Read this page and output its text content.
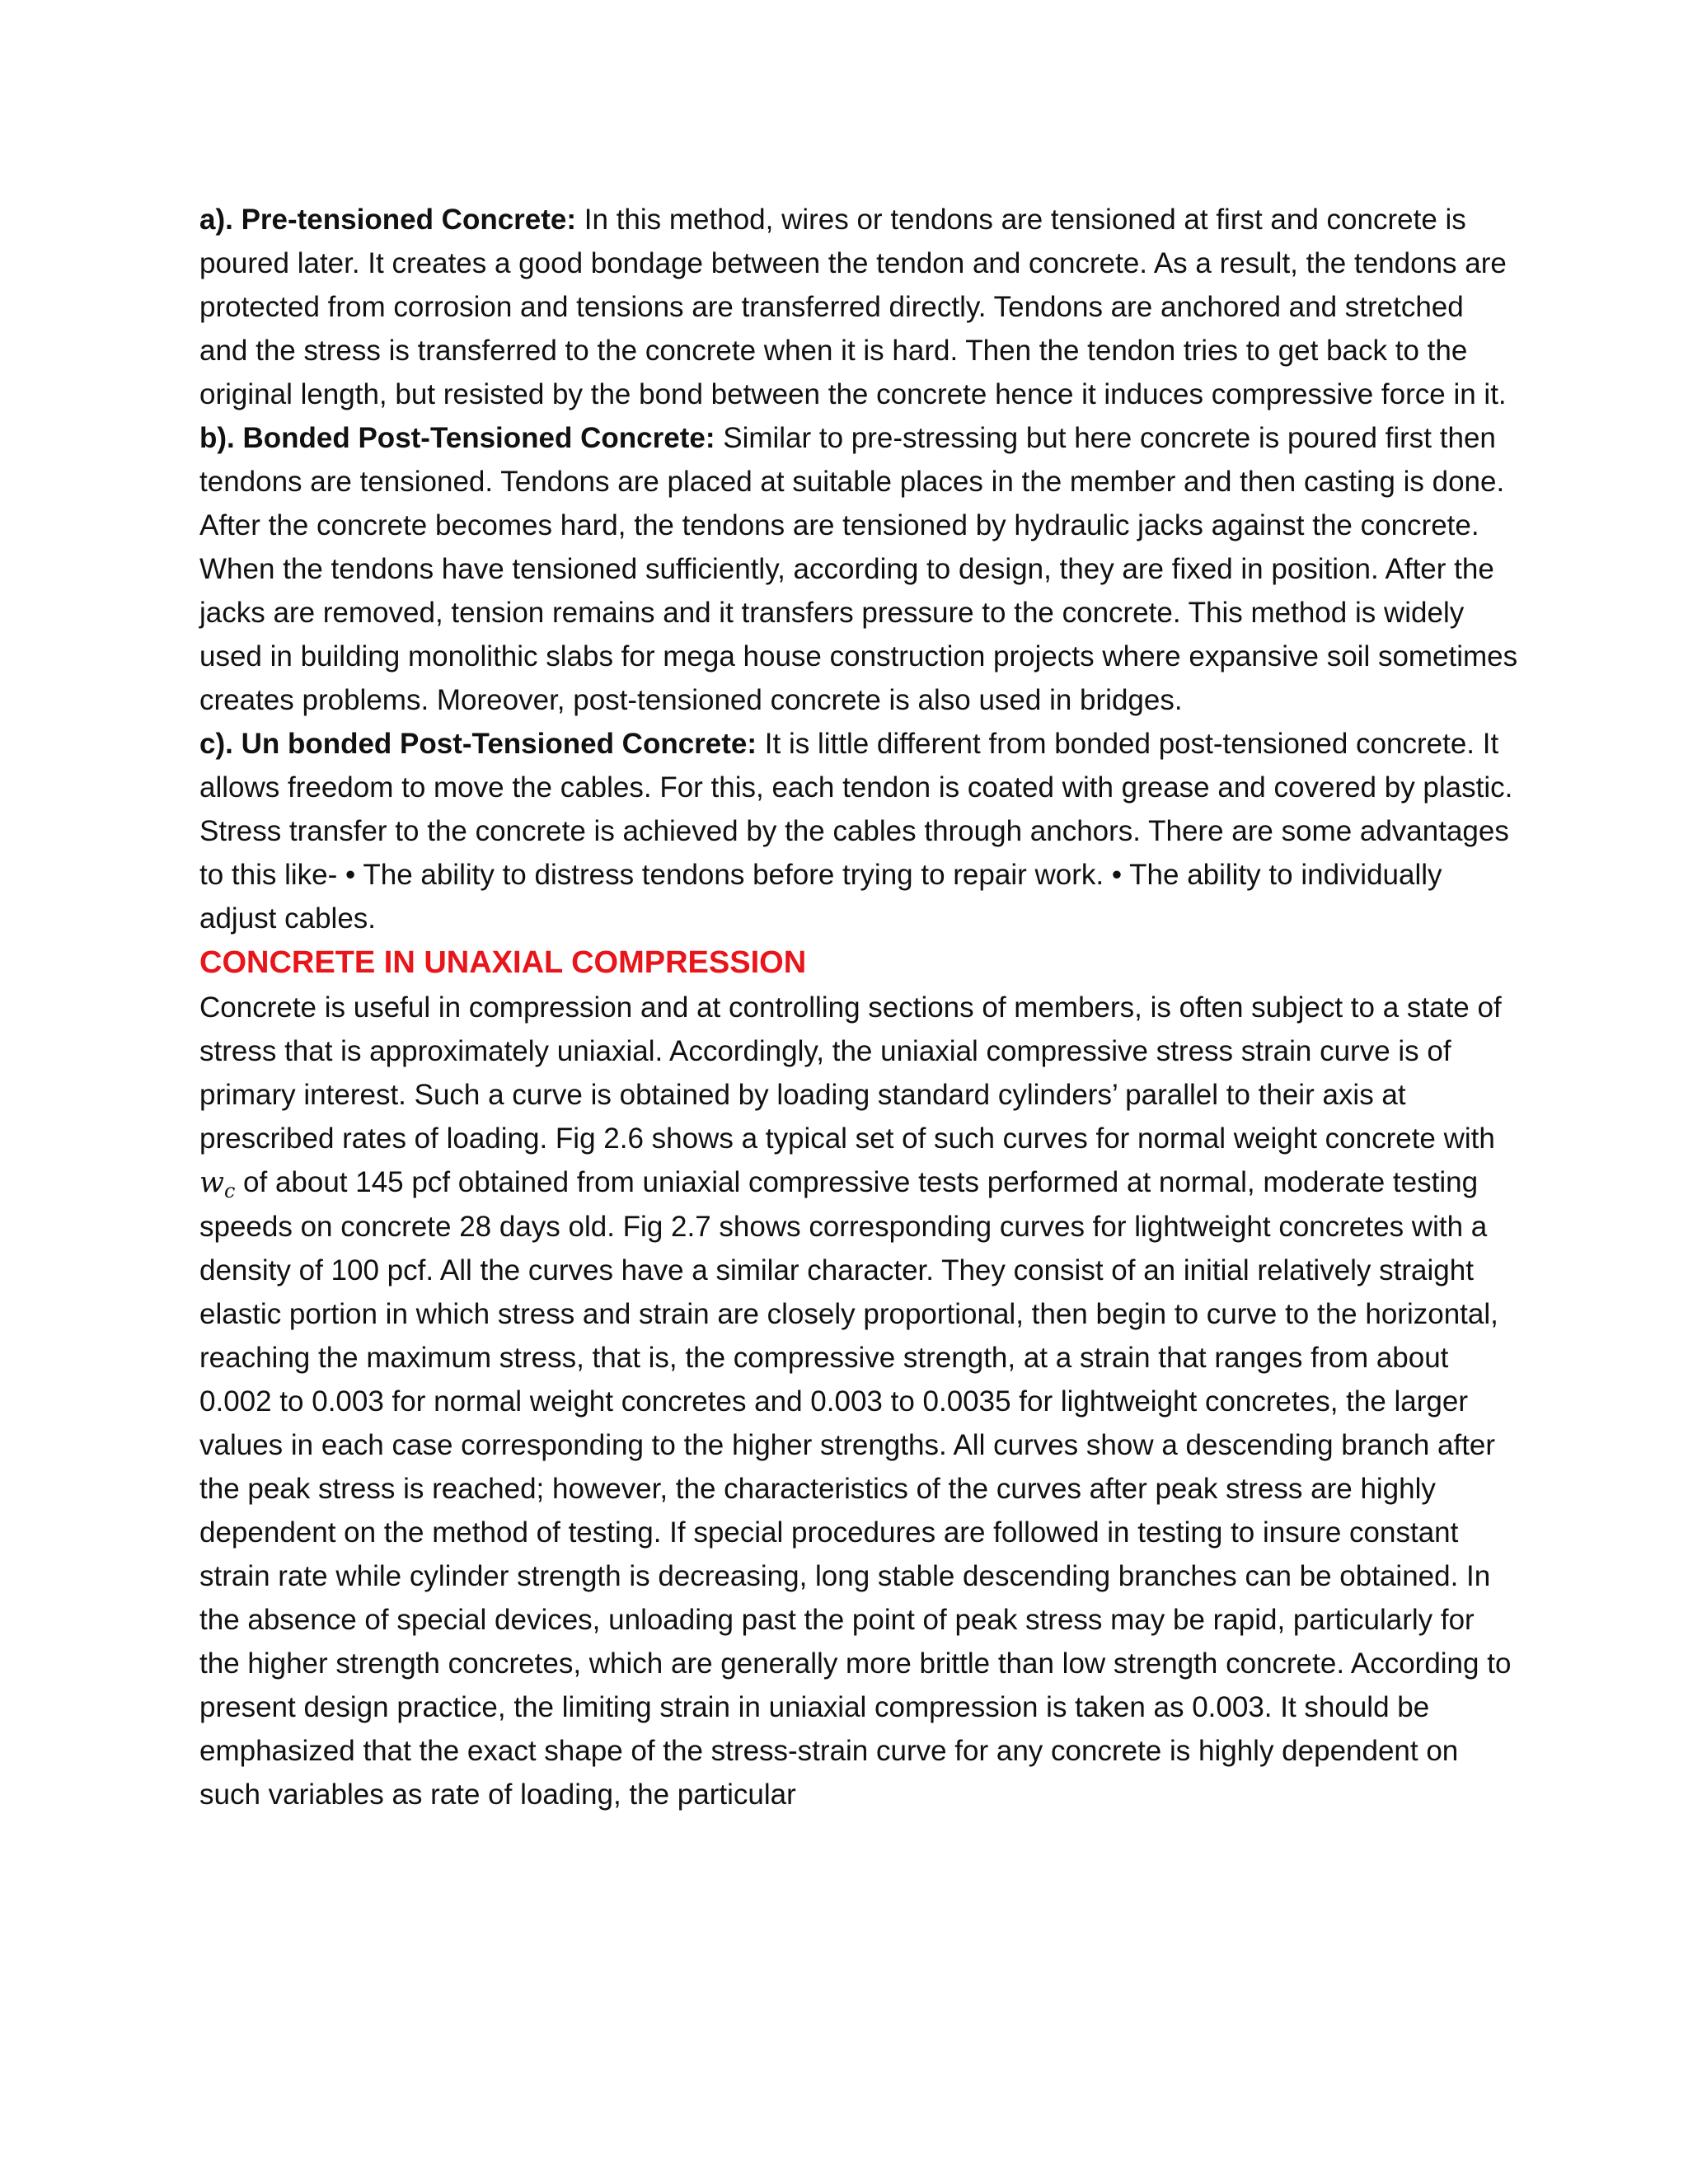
a). Pre-tensioned Concrete: In this method, wires or tendons are tensioned at first and concrete is poured later. It creates a good bondage between the tendon and concrete. As a result, the tendons are protected from corrosion and tensions are transferred directly. Tendons are anchored and stretched and the stress is transferred to the concrete when it is hard. Then the tendon tries to get back to the original length, but resisted by the bond between the concrete hence it induces compressive force in it.

b). Bonded Post-Tensioned Concrete: Similar to pre-stressing but here concrete is poured first then tendons are tensioned. Tendons are placed at suitable places in the member and then casting is done. After the concrete becomes hard, the tendons are tensioned by hydraulic jacks against the concrete. When the tendons have tensioned sufficiently, according to design, they are fixed in position. After the jacks are removed, tension remains and it transfers pressure to the concrete. This method is widely used in building monolithic slabs for mega house construction projects where expansive soil sometimes creates problems. Moreover, post-tensioned concrete is also used in bridges.

c). Un bonded Post-Tensioned Concrete: It is little different from bonded post-tensioned concrete. It allows freedom to move the cables. For this, each tendon is coated with grease and covered by plastic. Stress transfer to the concrete is achieved by the cables through anchors. There are some advantages to this like- • The ability to distress tendons before trying to repair work. • The ability to individually adjust cables.

CONCRETE IN UNAXIAL COMPRESSION

Concrete is useful in compression and at controlling sections of members, is often subject to a state of stress that is approximately uniaxial. Accordingly, the uniaxial compressive stress strain curve is of primary interest. Such a curve is obtained by loading standard cylinders’ parallel to their axis at prescribed rates of loading. Fig 2.6 shows a typical set of such curves for normal weight concrete with $w_c$ of about 145 pcf obtained from uniaxial compressive tests performed at normal, moderate testing speeds on concrete 28 days old. Fig 2.7 shows corresponding curves for lightweight concretes with a density of 100 pcf. All the curves have a similar character. They consist of an initial relatively straight elastic portion in which stress and strain are closely proportional, then begin to curve to the horizontal, reaching the maximum stress, that is, the compressive strength, at a strain that ranges from about 0.002 to 0.003 for normal weight concretes and 0.003 to 0.0035 for lightweight concretes, the larger values in each case corresponding to the higher strengths. All curves show a descending branch after the peak stress is reached; however, the characteristics of the curves after peak stress are highly dependent on the method of testing. If special procedures are followed in testing to insure constant strain rate while cylinder strength is decreasing, long stable descending branches can be obtained. In the absence of special devices, unloading past the point of peak stress may be rapid, particularly for the higher strength concretes, which are generally more brittle than low strength concrete. According to present design practice, the limiting strain in uniaxial compression is taken as 0.003. It should be emphasized that the exact shape of the stress-strain curve for any concrete is highly dependent on such variables as rate of loading, the particular
